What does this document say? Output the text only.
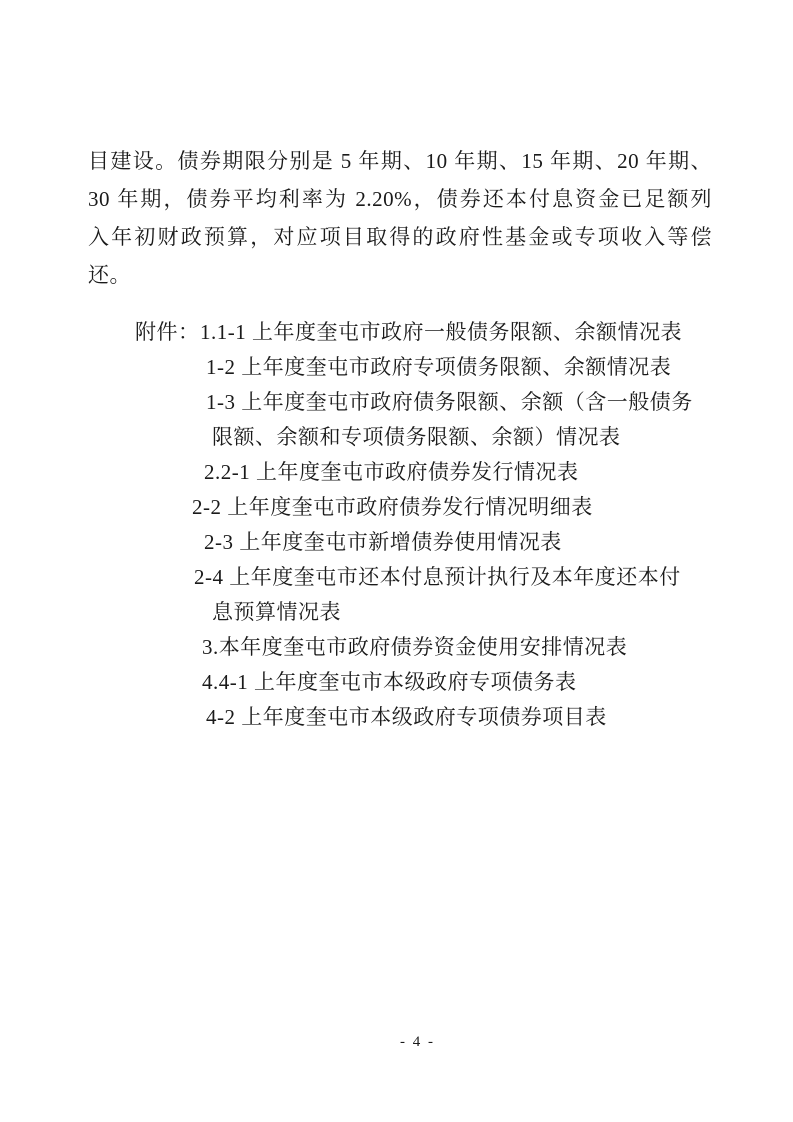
目建设。债券期限分别是 5 年期、10 年期、15 年期、20 年期、
30 年期，债券平均利率为 2.20%，债券还本付息资金已足额列
入年初财政预算，对应项目取得的政府性基金或专项收入等偿
还。
附件： 1.1-1 上年度奎屯市政府一般债务限额、余额情况表
1-2 上年度奎屯市政府专项债务限额、余额情况表
1-3 上年度奎屯市政府债务限额、余额（含一般债务
限额、余额和专项债务限额、余额）情况表
2.2-1 上年度奎屯市政府债券发行情况表
2-2 上年度奎屯市政府债券发行情况明细表
2-3 上年度奎屯市新增债券使用情况表
2-4 上年度奎屯市还本付息预计执行及本年度还本付
息预算情况表
3.本年度奎屯市政府债券资金使用安排情况表
4.4-1 上年度奎屯市本级政府专项债务表
4-2 上年度奎屯市本级政府专项债券项目表
- 4 -
